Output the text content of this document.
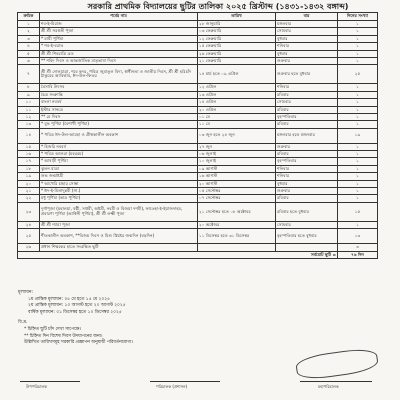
সরকারি প্রাথমিক বিদ্যালয়ের ছুটির তালিকা ২০২৫ খ্রিস্টাব্দ (১৪৩১-১৪৩২ বঙ্গাব্দ)
ক্রমিক	পর্বের নাম	তারিখ	বার	দিনের সংখ্যা
১	শব-ই-মিরাজ	২৮ জানুয়ারি	মঙ্গলবার	১
২	শ্রী শ্রী সরস্বতী পূজা	০৩ ফেব্রুয়ারি	সোমবার	১
৩	* মাঘী পূর্ণিমা	১২ ফেব্রুয়ারি	বুধবার	১
৪	* শব-ই-বরাত	১৫ ফেব্রুয়ারি	শনিবার	১
৫	শ্রী শ্রী শিবরাত্রি ব্রত	২৬ ফেব্রুয়ারি	বুধবার	১
৬	** শহিদ দিবস ও আন্তর্জাতিক মাতৃভাষা দিবস	২১ ফেব্রুয়ারি	শুক্রবার	১
৭	শ্রী শ্রী দোলযাত্রা, শবে কদর, পবিত্র জুমাতুল বিদা, স্বাধীনতা ও জাতীয় দিবস, শ্রী শ্রী হরিচাঁদ ঠাকুরের আবির্ভাব, ঈদ-উল-ফিতর	১৪ মার্চ হতে ০৯ এপ্রিল	শুক্রবার হতে বুধবার	২৫
৮	বৈসাবি উৎসব	১২ এপ্রিল	শনিবার	১
৯	চৈত্র সংক্রান্তি	১৩ এপ্রিল	রবিবার	১
১০	বাংলা নববর্ষ	১৪ এপ্রিল	সোমবার	১
১১	ইস্টার সানডে	২০ এপ্রিল	রবিবার	১
১২	** মে দিবস	০১ মে	বৃহস্পতিবার	১
১৩	* বুদ্ধ পূর্ণিমা (বৈশাখী পূর্ণিমা)	১১ মে	রবিবার	১
১৪	* পবিত্র ঈদ-উল-আযহা ও গ্রীষ্মকালীন অবকাশ	০৩ জুন হতে ২৪ জুন	মঙ্গলবার হতে মঙ্গলবার	১৯
১৫	* হিজরি নববর্ষ	২৭ জুন	শুক্রবার	১
১৬	* পবিত্র আশুরা (মহররম)	০৬ জুলাই	রবিবার	১
১৭	* আষাঢ়ী পূর্ণিমা	১০ জুলাই	বৃহস্পতিবার	১
১৮	ঝুলন যাত্রা	০৯ আগস্ট	শনিবার	১
১৯	শুভ জন্মাষ্টমী	১৬ আগস্ট	শনিবার	১
২০	* আখেরি চাহার সোম্বা	২০ আগস্ট	বুধবার	১
২১	* ঈদ-ই-মিলাদুন্নবী (সা.)	০৫ সেপ্টেম্বর	শুক্রবার	১
২২	মধু পূর্ণিমা (ভাদ্র পূর্ণিমা)	০৭ সেপ্টেম্বর	রবিবার	১
২৩	দুর্গাপূজা (মহালয়া, ষষ্ঠী, সপ্তমী, অষ্টমী, নবমী ও বিজয়া দশমী), ফাতেহা-ই-ইয়াজদাহম, প্রবারণা পূর্ণিমা (আশ্বিনী পূর্ণিমা), শ্রী শ্রী লক্ষ্মী পূজা	২১ সেপ্টেম্বর হতে ০৮ অক্টোবর	রবিবার হতে বুধবার	১৫
২৪	শ্রী শ্রী শ্যামা পূজা	২০ অক্টোবর	সোমবার	১
২৫	শীতকালীন অবকাশ, **বিজয় দিবস ও যিশু খ্রিষ্টের জন্মদিন (বড়দিন)	১১ ডিসেম্বর হতে ৩১ ডিসেম্বর	বৃহস্পতিবার হতে বুধবার	১৩
২৬	প্রধান শিক্ষকের হাতে সংরক্ষিত ছুটি			৩
সর্বমোট ছুটি =				৭৬ দিন
মূল্যায়ন:
১ম প্রান্তিক মূল্যায়ন: ০৫ মে হতে ১৫ মে ২০২৫
২য় প্রান্তিক মূল্যায়ন: ১০ আগস্ট হতে ২০ আগস্ট ২০২৫
বার্ষিক মূল্যায়ন: ০১ ডিসেম্বর হতে ১০ ডিসেম্বর ২০২৫
বি.দ্র.
* চিহ্নিত ছুটি চাঁদ দেখা সাপেক্ষে।
** চিহ্নিত দিন বিশেষ দিবস উদযাপনের জন্য।
উল্লিখিত তারিখসমূহ সরকারি প্রজ্ঞাপন অনুযায়ী পরিবর্তনযোগ্য।
উপপরিচালক	পরিচালক (প্রশাসন)	মহাপরিচালক
